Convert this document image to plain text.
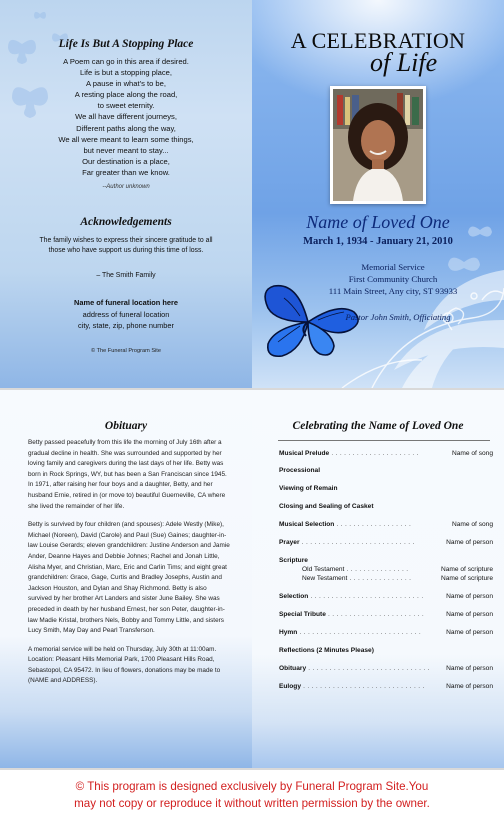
Life Is But A Stopping Place
A Poem can go in this area if desired.
Life is but a stopping place,
A pause in what's to be,
A resting place along the road,
to sweet eternity.
We all have different journeys,
Different paths along the way,
We all were meant to learn some things,
but never meant to stay...
Our destination is a place,
Far greater than we know.
--Author unknown
Acknowledgements
The family wishes to express their sincere gratitude to all those who have support us during this time of loss.
– The Smith Family
Name of funeral location here
address of funeral location
city, state, zip, phone number
© The Funeral Program Site
A CELEBRATION
of Life
Name of Loved One
March 1, 1934 - January 21, 2010
Memorial Service
First Community Church
111 Main Street, Any city, ST 93933
Pastor John Smith, Officiating
Obituary

Betty passed peacefully from this life the morning of July 16th after a gradual decline in health. She was surrounded and supported by her loving family and caregivers during the last days of her life. Betty was born in Rock Springs, WY, but has been a San Franciscan since 1945. In 1971, after raising her four boys and a daughter, Betty, and her husband Ernie, retired in (or move to) beautiful Guerneville, CA where she lived the remainder of her life.

Betty is survived by four children (and spouses): Adele Westly (Mike), Michael (Noreen), David (Carole) and Paul (Sue) Gaines; daughter-in-law Louise Gerards; eleven grandchildren: Justine Anderson and Jamie Ander, Deanne Hayes and Debbie Johnes; Rachel and Jonah Little, Alisha Myer, and Christian, Marc, Eric and Carlin Tims; and eight great grandchildren: Grace, Gage, Curtis and Bradley Josephs, Austin and Jackson Houston, and Dylan and Shay Richmond. Betty is also survived by her brother Art Landers and sister June Bailey. She was preceded in death by her husband Ernest, her son Peter, daughter-in-law Madie Kristal, brothers Nels, Bobby and Tommy Little, and sisters Lucy Smith, May Day and Pearl Transferson.

A memorial service will be held on Thursday, July 30th at 11:00am. Location: Pleasant Hills Memorial Park, 1700 Pleasant Hills Road, Sebastopol, CA 95472. In lieu of flowers, donations may be made to (NAME and ADDRESS).

Celebrating the Name of Loved One
Musical Prelude . . . . . . . . . . . . . . . . . . . . .	Name of song
Processional
Viewing of Remain
Closing and Sealing of Casket
Musical Selection . . . . . . . . . . . . . . . . . .	Name of song
Prayer . . . . . . . . . . . . . . . . . . . . . . . . . . .	Name of person
Scripture
Old Testament . . . . . . . . . . . . . . .	Name of scripture
New Testament . . . . . . . . . . . . . . .	Name of scripture
Selection . . . . . . . . . . . . . . . . . . . . . . . . . . .	Name of person
Special Tribute . . . . . . . . . . . . . . . . . . . . . . .	Name of person
Hymn . . . . . . . . . . . . . . . . . . . . . . . . . . . . .	Name of person
Reflections (2 Minutes Please)
Obituary . . . . . . . . . . . . . . . . . . . . . . . . . . . . . Name of person
Eulogy . . . . . . . . . . . . . . . . . . . . . . . . . . . . .	Name of person
© This program is designed exclusively by Funeral Program Site.You
may not copy or reproduce it without written permission by the owner.
